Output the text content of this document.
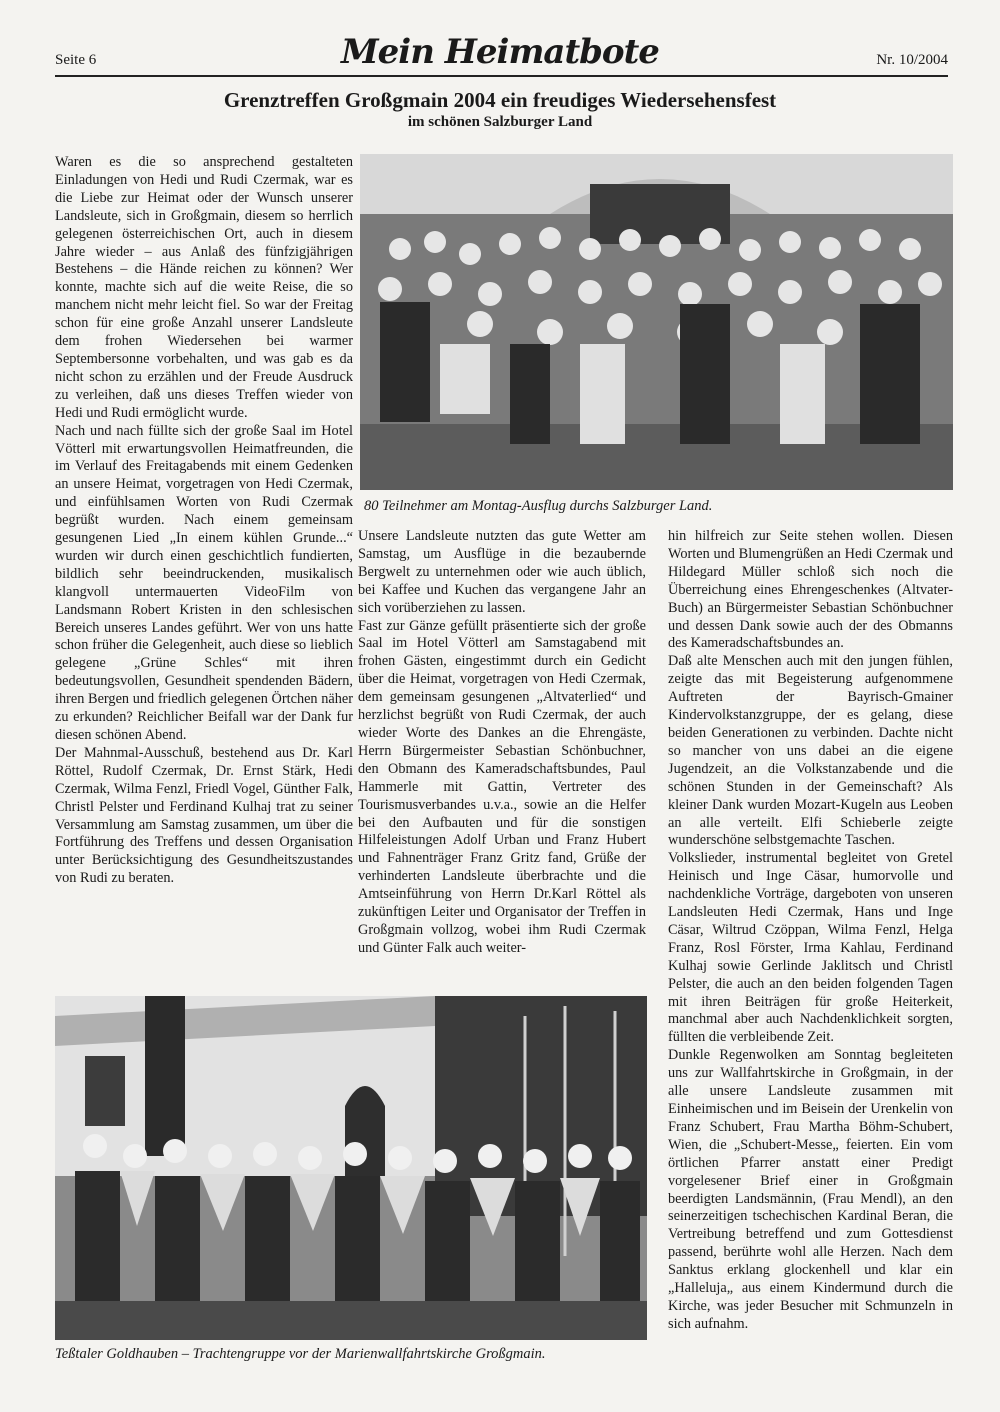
Seite 6	Mein Heimatbote	Nr. 10/2004
Grenztreffen Großgmain 2004 ein freudiges Wiedersehensfest
im schönen Salzburger Land

Waren es die so ansprechend gestalteten Einladungen von Hedi und Rudi Czermak, war es die Liebe zur Heimat oder der Wunsch unserer Landsleute, sich in Großgmain, diesem so herrlich gelegenen österreichischen Ort, auch in diesem Jahre wieder – aus Anlaß des fünfzigjährigen Bestehens – die Hände reichen zu können? Wer konnte, machte sich auf die weite Reise, die so manchem nicht mehr leicht fiel. So war der Freitag schon für eine große Anzahl unserer Landsleute dem frohen Wiedersehen bei warmer Septembersonne vorbehalten, und was gab es da nicht schon zu erzählen und der Freude Ausdruck zu verleihen, daß uns dieses Treffen wieder von Hedi und Rudi ermöglicht wurde.

Nach und nach füllte sich der große Saal im Hotel Vötterl mit erwartungsvollen Heimatfreunden, die im Verlauf des Freitagabends mit einem Gedenken an unsere Heimat, vorgetragen von Hedi Czermak, und einfühlsamen Worten von Rudi Czermak begrüßt wurden. Nach einem gemeinsam gesungenen Lied „In einem kühlen Grunde...“ wurden wir durch einen geschichtlich fundierten, bildlich sehr beeindruckenden, musikalisch klangvoll untermauerten VideoFilm von Landsmann Robert Kristen in den schlesischen Bereich unseres Landes geführt. Wer von uns hatte schon früher die Gelegenheit, auch diese so lieblich gelegene „Grüne Schles“ mit ihren bedeutungsvollen, Gesundheit spendenden Bädern, ihren Bergen und friedlich gelegenen Örtchen näher zu erkunden? Reichlicher Beifall war der Dank fur diesen schönen Abend.

Der Mahnmal-Ausschuß, bestehend aus Dr. Karl Röttel, Rudolf Czermak, Dr. Ernst Stärk, Hedi Czermak, Wilma Fenzl, Friedl Vogel, Günther Falk, Christl Pelster und Ferdinand Kulhaj trat zu seiner Versammlung am Samstag zusammen, um über die Fortführung des Treffens und dessen Organisation unter Berücksichtigung des Gesundheitszustandes von Rudi zu beraten.

80 Teilnehmer am Montag-Ausflug durchs Salzburger Land.

Unsere Landsleute nutzten das gute Wetter am Samstag, um Ausflüge in die bezaubernde Bergwelt zu unternehmen oder wie auch üblich, bei Kaffee und Kuchen das vergangene Jahr an sich vorüberziehen zu lassen.

Fast zur Gänze gefüllt präsentierte sich der große Saal im Hotel Vötterl am Samstagabend mit frohen Gästen, eingestimmt durch ein Gedicht über die Heimat, vorgetragen von Hedi Czermak, dem gemeinsam gesungenen „Altvaterlied“ und herzlichst begrüßt von Rudi Czermak, der auch wieder Worte des Dankes an die Ehrengäste, Herrn Bürgermeister Sebastian Schönbuchner, den Obmann des Kameradschaftsbundes, Paul Hammerle mit Gattin, Vertreter des Tourismusverbandes u.v.a., sowie an die Helfer bei den Aufbauten und für die sonstigen Hilfeleistungen Adolf Urban und Franz Hubert und Fahnenträger Franz Gritz fand, Grüße der verhinderten Landsleute überbrachte und die Amtseinführung von Herrn Dr.Karl Röttel als zukünftigen Leiter und Organisator der Treffen in Großgmain vollzog, wobei ihm Rudi Czermak und Günter Falk auch weiter-

hin hilfreich zur Seite stehen wollen. Diesen Worten und Blumengrüßen an Hedi Czermak und Hildegard Müller schloß sich noch die Überreichung eines Ehrengeschenkes (Altvater-Buch) an Bürgermeister Sebastian Schönbuchner und dessen Dank sowie auch der des Obmanns des Kameradschaftsbundes an.

Daß alte Menschen auch mit den jungen fühlen, zeigte das mit Begeisterung aufgenommene Auftreten der Bayrisch-Gmainer Kindervolkstanzgruppe, der es gelang, diese beiden Generationen zu verbinden. Dachte nicht so mancher von uns dabei an die eigene Jugendzeit, an die Volkstanzabende und die schönen Stunden in der Gemeinschaft? Als kleiner Dank wurden Mozart-Kugeln aus Leoben an alle verteilt. Elfi Schieberle zeigte wunderschöne selbstgemachte Taschen.

Volkslieder, instrumental begleitet von Gretel Heinisch und Inge Cäsar, humorvolle und nachdenkliche Vorträge, dargeboten von unseren Landsleuten Hedi Czermak, Hans und Inge Cäsar, Wiltrud Czöppan, Wilma Fenzl, Helga Franz, Rosl Förster, Irma Kahlau, Ferdinand Kulhaj sowie Gerlinde Jaklitsch und Christl Pelster, die auch an den beiden folgenden Tagen mit ihren Beiträgen für große Heiterkeit, manchmal aber auch Nachdenklichkeit sorgten, füllten die verbleibende Zeit.

Dunkle Regenwolken am Sonntag begleiteten uns zur Wallfahrtskirche in Großgmain, in der alle unsere Landsleute zusammen mit Einheimischen und im Beisein der Urenkelin von Franz Schubert, Frau Martha Böhm-Schubert, Wien, die „Schubert-Messe„ feierten. Ein vom örtlichen Pfarrer anstatt einer Predigt vorgelesener Brief einer in Großgmain beerdigten Landsmännin, (Frau Mendl), an den seinerzeitigen tschechischen Kardinal Beran, die Vertreibung betreffend und zum Gottesdienst passend, berührte wohl alle Herzen. Nach dem Sanktus erklang glockenhell und klar ein „Halleluja„ aus einem Kindermund durch die Kirche, was jeder Besucher mit Schmunzeln in sich aufnahm.

Teßtaler Goldhauben – Trachtengruppe vor der Marienwallfahrtskirche Großgmain.
